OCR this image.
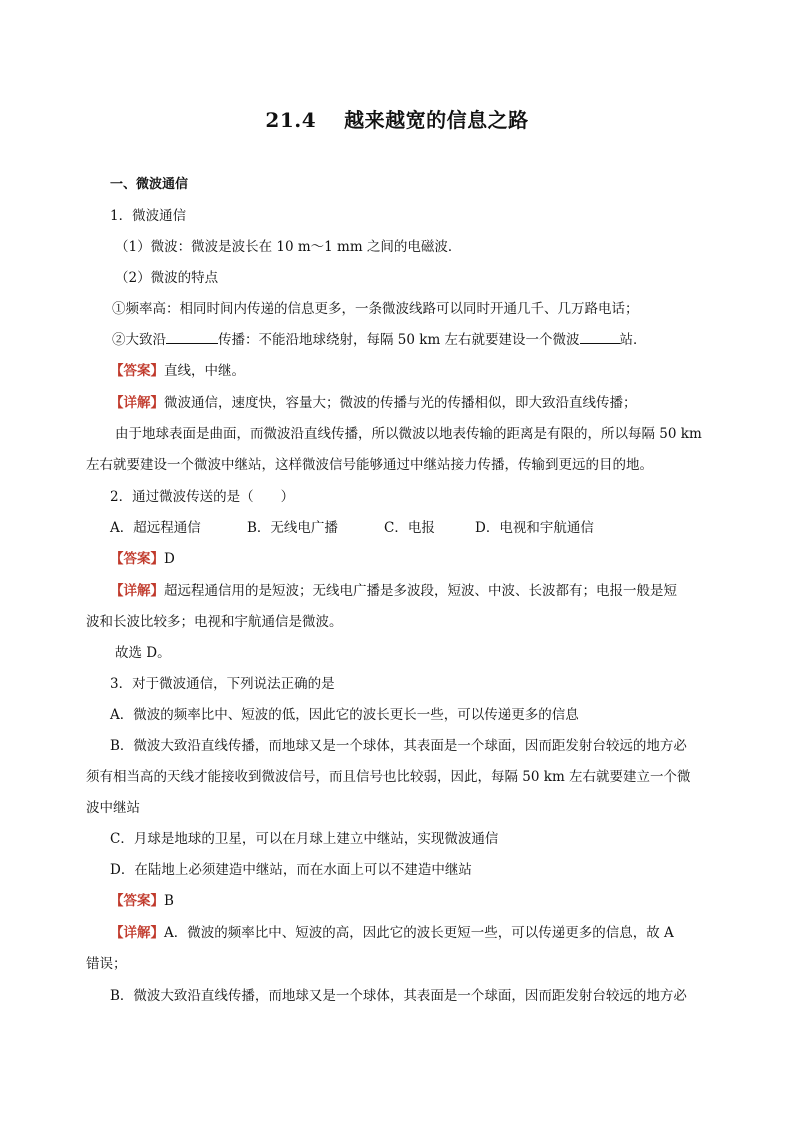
21.4　 越来越宽的信息之路
一、微波通信
1．微波通信
（1）微波：微波是波长在 10 m～1 mm 之间的电磁波．
（2）微波的特点
①频率高：相同时间内传递的信息更多，一条微波线路可以同时开通几千、几万路电话；
②大致沿	传播：不能沿地球绕射，每隔 50 km 左右就要建设一个微波	站．
【答案】直线，中继。
【详解】微波通信，速度快，容量大；微波的传播与光的传播相似，即大致沿直线传播；
由于地球表面是曲面，而微波沿直线传播，所以微波以地表传输的距离是有限的，所以每隔 50 km
左右就要建设一个微波中继站，这样微波信号能够通过中继站接力传播，传输到更远的目的地。
2．通过微波传送的是（　　）
A．超远程通信	B．无线电广播	C．电报	D．电视和宇航通信
【答案】D
【详解】超远程通信用的是短波；无线电广播是多波段，短波、中波、长波都有；电报一般是短
波和长波比较多；电视和宇航通信是微波。
故选 D。
3．对于微波通信，下列说法正确的是
A．微波的频率比中、短波的低，因此它的波长更长一些，可以传递更多的信息
B．微波大致沿直线传播，而地球又是一个球体，其表面是一个球面，因而距发射台较远的地方必
须有相当高的天线才能接收到微波信号，而且信号也比较弱，因此，每隔 50 km 左右就要建立一个微
波中继站
C．月球是地球的卫星，可以在月球上建立中继站，实现微波通信
D．在陆地上必须建造中继站，而在水面上可以不建造中继站
【答案】B
【详解】A．微波的频率比中、短波的高，因此它的波长更短一些，可以传递更多的信息，故 A
错误；
B．微波大致沿直线传播，而地球又是一个球体，其表面是一个球面，因而距发射台较远的地方必
